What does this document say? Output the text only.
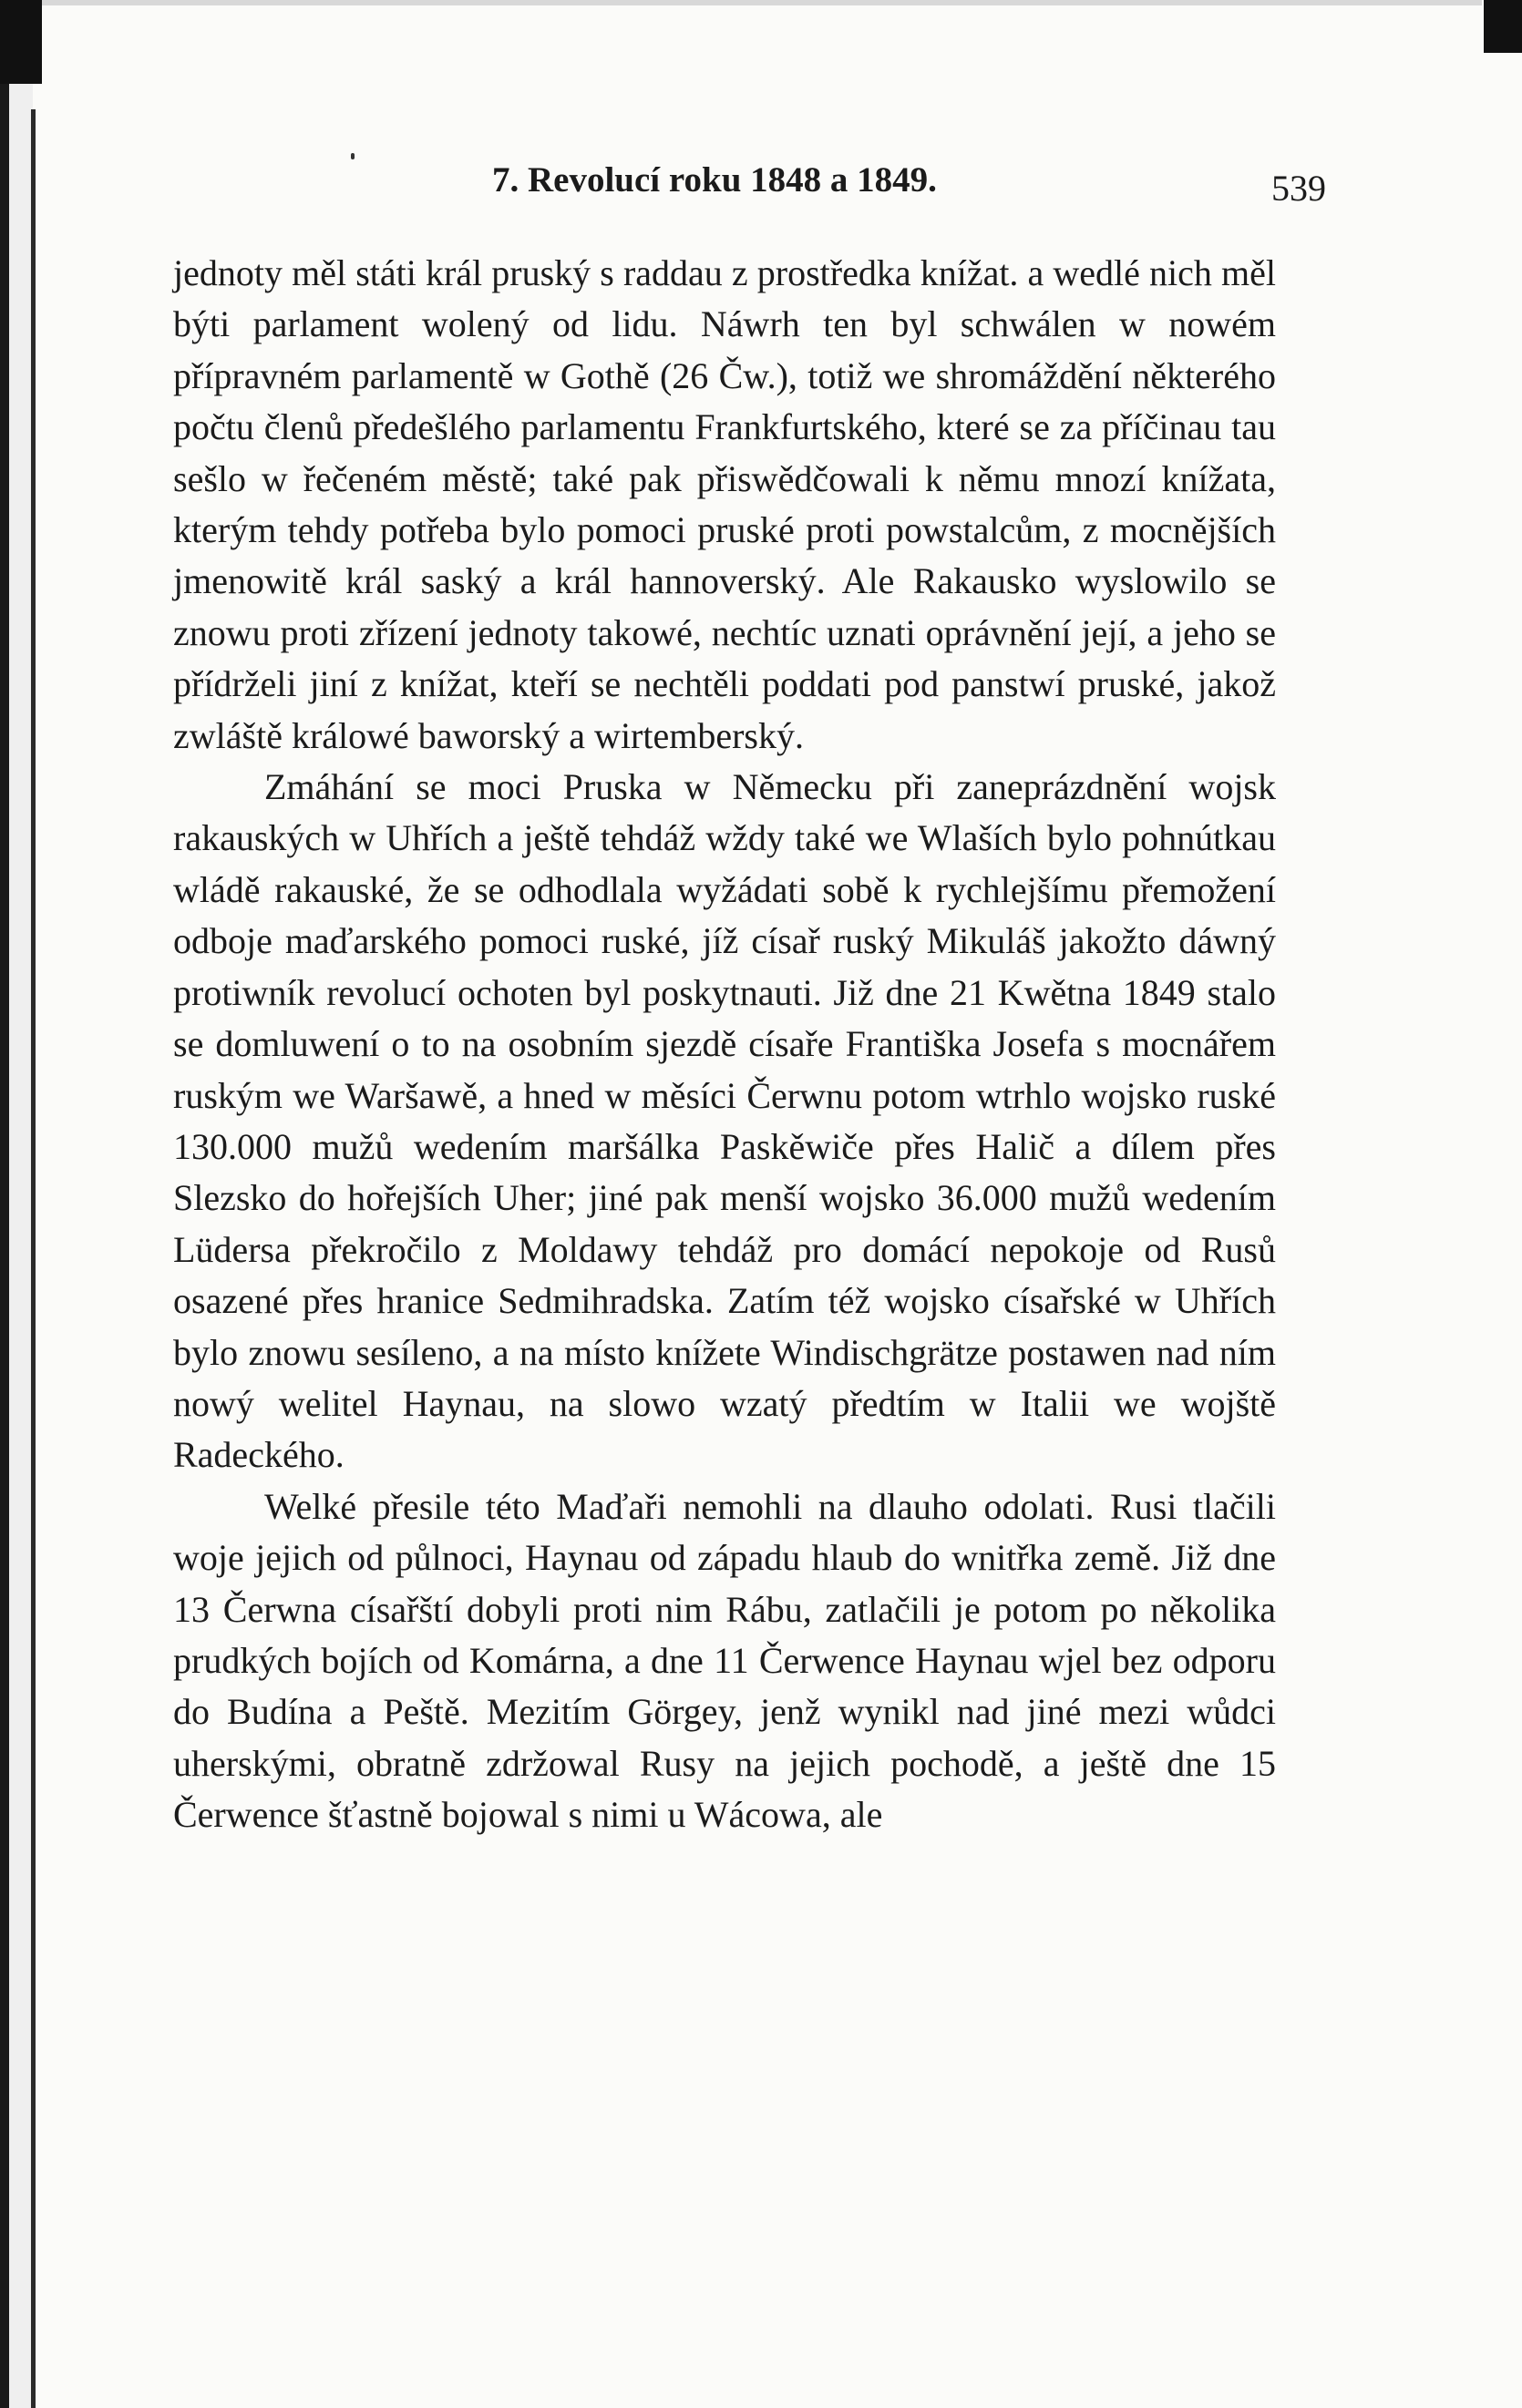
7. Revolucí roku 1848 a 1849.	539

jednoty měl státi král pruský s raddau z prostředka knížat. a wedlé nich měl býti parlament wolený od lidu. Náwrh ten byl schwálen w nowém přípravném parlamentě w Gothě (26 Čw.), totiž we shromáždění některého počtu členů předešlého parlamentu Frankfurtského, které se za příčinau tau sešlo w řečeném městě; také pak přiswědčowali k němu mnozí knížata, kterým tehdy potřeba bylo pomoci pruské proti powstalcům, z mocnějších jmenowitě král saský a král hannoverský. Ale Rakausko wyslowilo se znowu proti zřízení jednoty takowé, nechtíc uznati oprávnění její, a jeho se přídrželi jiní z knížat, kteří se nechtěli poddati pod panstwí pruské, jakož zwláště králowé baworský a wirtemberský.

Zmáhání se moci Pruska w Německu při zaneprázdnění wojsk rakauských w Uhřích a ještě tehdáž wždy také we Wlaších bylo pohnútkau wládě rakauské, že se odhodlala wyžádati sobě k rychlejšímu přemožení odboje maďarského pomoci ruské, jíž císař ruský Mikuláš jakožto dáwný protiwník revolucí ochoten byl poskytnauti. Již dne 21 Kwětna 1849 stalo se domluwení o to na osobním sjezdě císaře Františka Josefa s mocnářem ruským we Waršawě, a hned w měsíci Čerwnu potom wtrhlo wojsko ruské 130.000 mužů wedením maršálka Paskěwiče přes Halič a dílem přes Slezsko do hořejších Uher; jiné pak menší wojsko 36.000 mužů wedením Lüdersa překročilo z Moldawy tehdáž pro domácí nepokoje od Rusů osazené přes hranice Sedmihradska. Zatím též wojsko císařské w Uhřích bylo znowu sesíleno, a na místo knížete Windischgrätze postawen nad ním nowý welitel Haynau, na slowo wzatý předtím w Italii we wojště Radeckého.

Welké přesile této Maďaři nemohli na dlauho odolati. Rusi tlačili woje jejich od půlnoci, Haynau od západu hlaub do wnitřka země. Již dne 13 Čerwna císařští dobyli proti nim Rábu, zatlačili je potom po několika prudkých bojích od Komárna, a dne 11 Čerwence Haynau wjel bez odporu do Budína a Peště. Mezitím Görgey, jenž wynikl nad jiné mezi wůdci uherskými, obratně zdržowal Rusy na jejich pochodě, a ještě dne 15 Čerwence šťastně bojowal s nimi u Wácowa, ale
